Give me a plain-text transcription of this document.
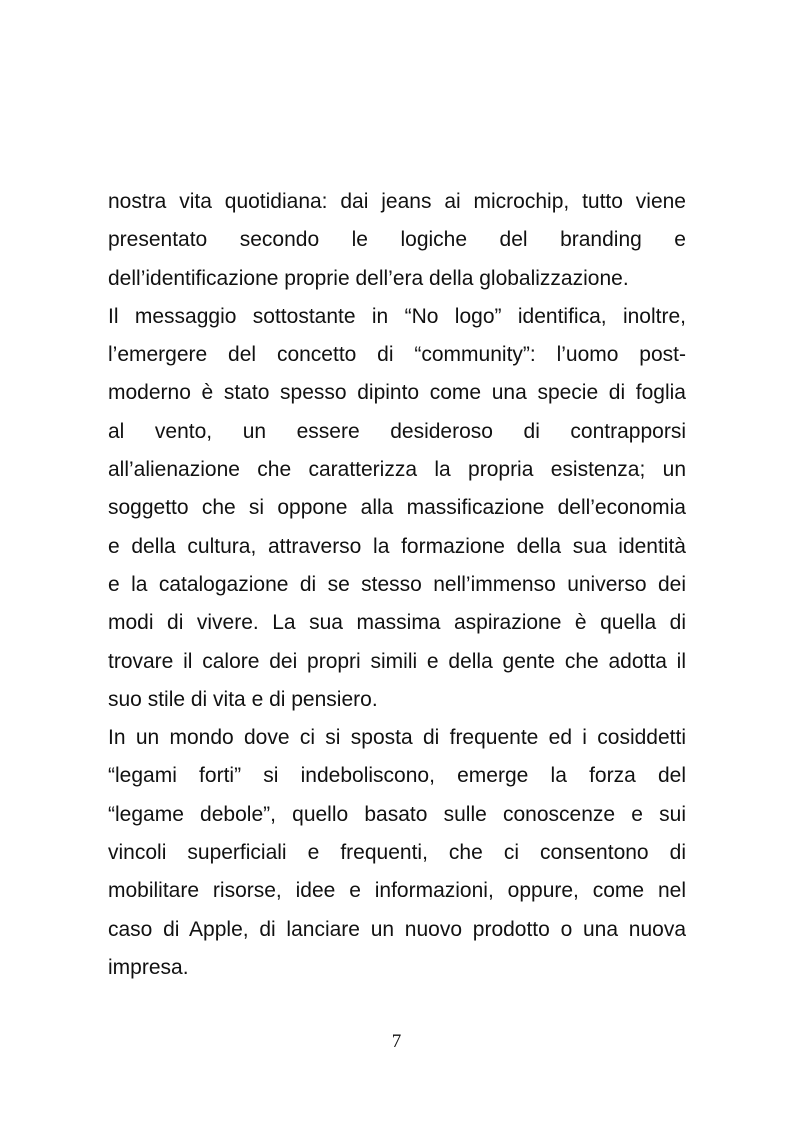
nostra vita quotidiana: dai jeans ai microchip, tutto viene
presentato secondo le logiche del branding e
dell’identificazione proprie dell’era della globalizzazione.
Il messaggio sottostante in “No logo” identifica, inoltre,
l’emergere del concetto di “community”: l’uomo post-
moderno è stato spesso dipinto come una specie di foglia
al vento, un essere desideroso di contrapporsi
all’alienazione che caratterizza la propria esistenza; un
soggetto che si oppone alla massificazione dell’economia
e della cultura, attraverso la formazione della sua identità
e la catalogazione di se stesso nell’immenso universo dei
modi di vivere. La sua massima aspirazione è quella di
trovare il calore dei propri simili e della gente che adotta il
suo stile di vita e di pensiero.
In un mondo dove ci si sposta di frequente ed i cosiddetti
“legami forti” si indeboliscono, emerge la forza del
“legame debole”, quello basato sulle conoscenze e sui
vincoli superficiali e frequenti, che ci consentono di
mobilitare risorse, idee e informazioni, oppure, come nel
caso di Apple, di lanciare un nuovo prodotto o una nuova
impresa.
7
